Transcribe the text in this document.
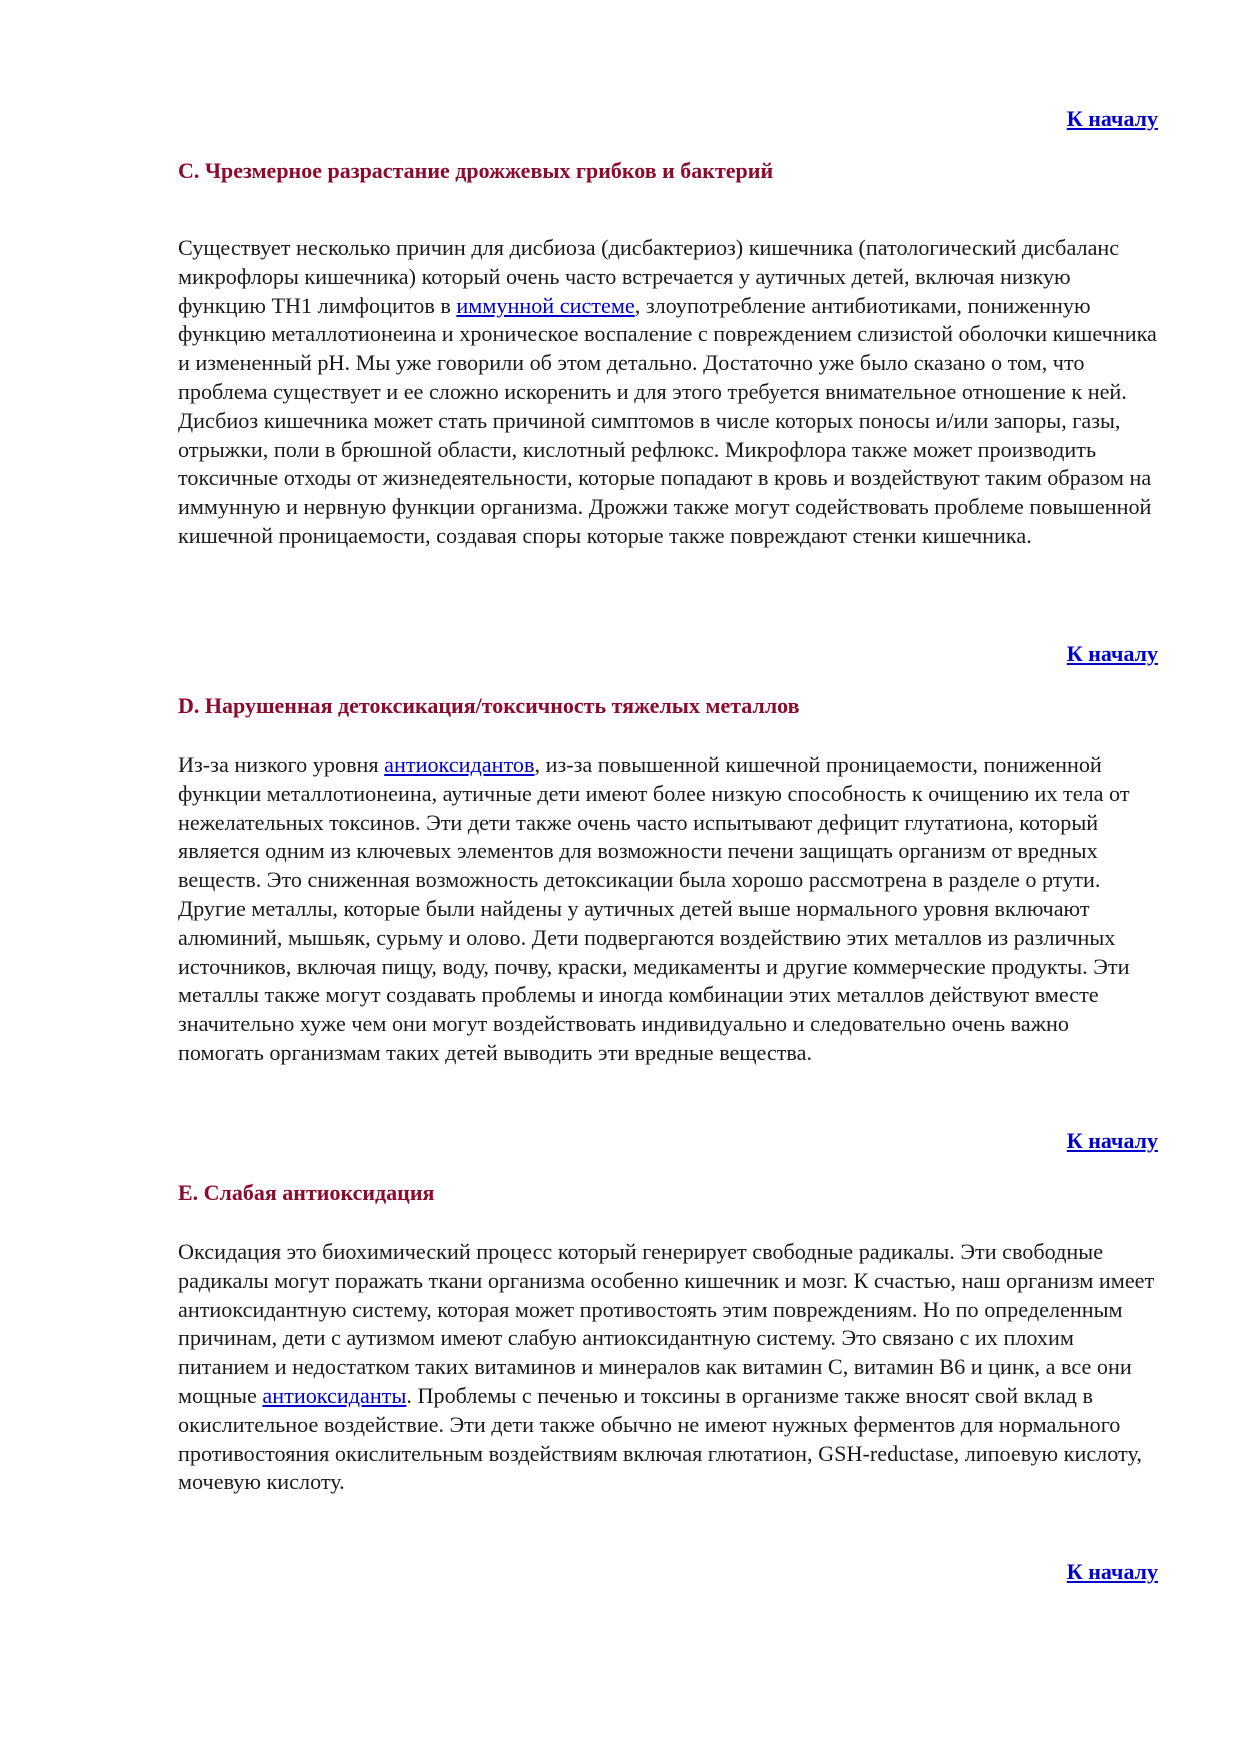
К началу
C. Чрезмерное разрастание дрожжевых грибков и бактерий
Существует несколько причин для дисбиоза (дисбактериоз) кишечника (патологический дисбаланс микрофлоры кишечника) который очень часто встречается у аутичных детей, включая низкую функцию ТН1 лимфоцитов в иммунной системе, злоупотребление антибиотиками, пониженную функцию металлотионеина и хроническое воспаление с повреждением слизистой оболочки кишечника и измененный pH. Мы уже говорили об этом детально. Достаточно уже было сказано о том, что проблема существует и ее сложно искоренить и для этого требуется внимательное отношение к ней. Дисбиоз кишечника может стать причиной симптомов в числе которых поносы и/или запоры, газы, отрыжки, поли в брюшной области, кислотный рефлюкс. Микрофлора также может производить токсичные отходы от жизнедеятельности, которые попадают в кровь и воздействуют таким образом на иммунную и нервную функции организма. Дрожжи также могут содействовать проблеме повышенной кишечной проницаемости, создавая споры которые также повреждают стенки кишечника.
К началу
D. Нарушенная детоксикация/токсичность тяжелых металлов
Из-за низкого уровня антиоксидантов, из-за повышенной кишечной проницаемости, пониженной функции металлотионеина, аутичные дети имеют более низкую способность к очищению их тела от нежелательных токсинов. Эти дети также очень часто испытывают дефицит глутатиона, который является одним из ключевых элементов для возможности печени защищать организм от вредных веществ. Это сниженная возможность детоксикации была хорошо рассмотрена в разделе о ртути. Другие металлы, которые были найдены у аутичных детей выше нормального уровня включают алюминий, мышьяк, сурьму и олово. Дети подвергаются воздействию этих металлов из различных источников, включая пищу, воду, почву, краски, медикаменты и другие коммерческие продукты. Эти металлы также могут создавать проблемы и иногда комбинации этих металлов действуют вместе значительно хуже чем они могут воздействовать индивидуально и следовательно очень важно помогать организмам таких детей выводить эти вредные вещества.
К началу
E. Слабая антиоксидация
Оксидация это биохимический процесс который генерирует свободные радикалы. Эти свободные радикалы могут поражать ткани организма особенно кишечник и мозг. К счастью, наш организм имеет антиоксидантную систему, которая может противостоять этим повреждениям. Но по определенным причинам, дети с аутизмом имеют слабую антиоксидантную систему. Это связано с их плохим питанием и недостатком таких витаминов и минералов как витамин С, витамин В6 и цинк, а все они мощные антиоксиданты. Проблемы с печенью и токсины в организме также вносят свой вклад в окислительное воздействие. Эти дети также обычно не имеют нужных ферментов для нормального противостояния окислительным воздействиям включая глютатион, GSH-reductase, липоевую кислоту, мочевую кислоту.
К началу
